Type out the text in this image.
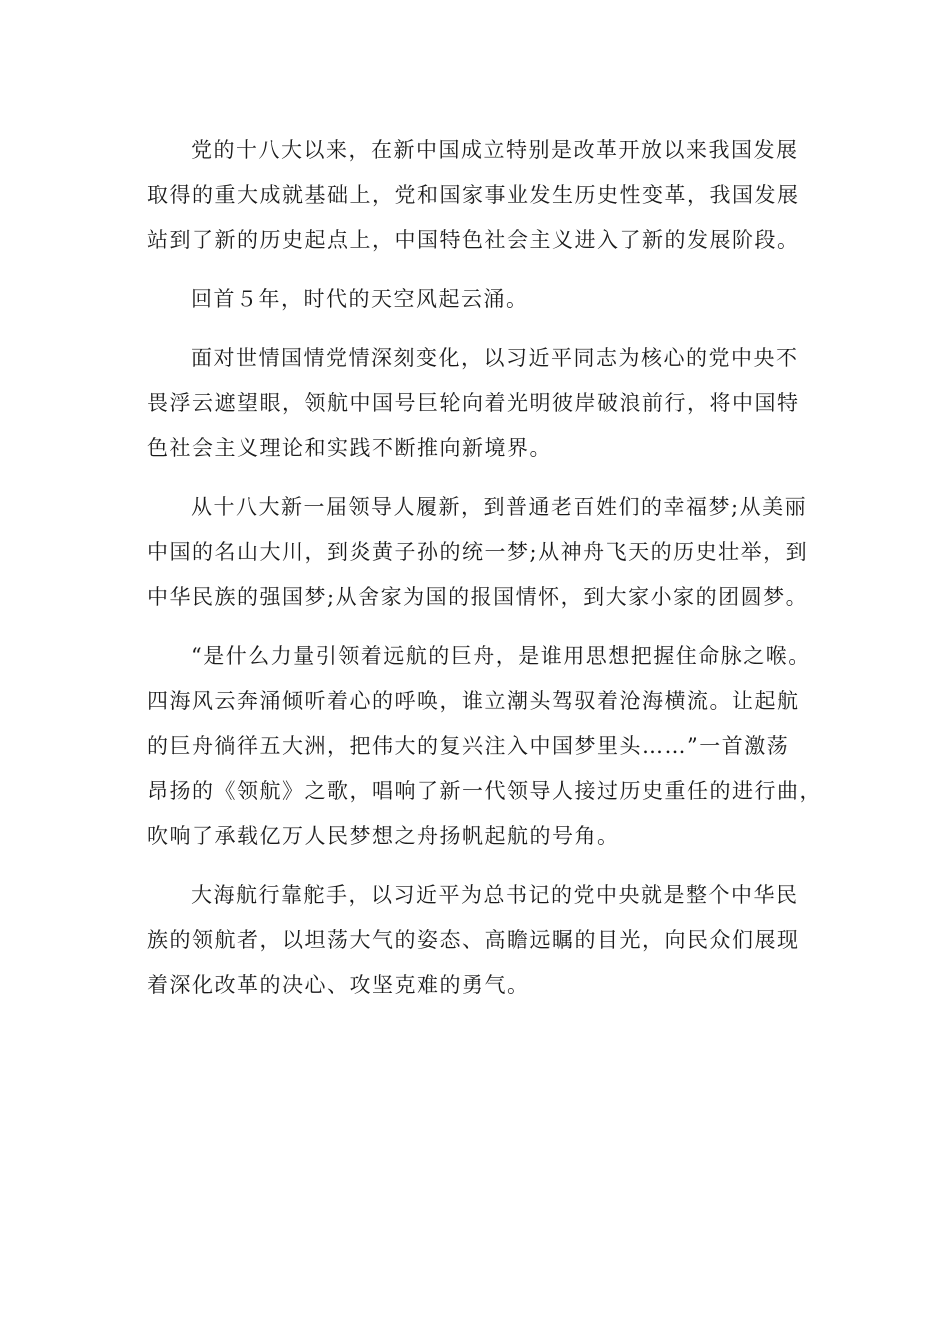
党的十八大以来，在新中国成立特别是改革开放以来我国发展
取得的重大成就基础上，党和国家事业发生历史性变革，我国发展
站到了新的历史起点上，中国特色社会主义进入了新的发展阶段。

回首５年，时代的天空风起云涌。

面对世情国情党情深刻变化，以习近平同志为核心的党中央不
畏浮云遮望眼，领航中国号巨轮向着光明彼岸破浪前行，将中国特
色社会主义理论和实践不断推向新境界。

从十八大新一届领导人履新，到普通老百姓们的幸福梦;从美丽
中国的名山大川，到炎黄子孙的统一梦;从神舟飞天的历史壮举，到
中华民族的强国梦;从舍家为国的报国情怀，到大家小家的团圆梦。

“是什么力量引领着远航的巨舟，是谁用思想把握住命脉之喉。
四海风云奔涌倾听着心的呼唤，谁立潮头驾驭着沧海横流。让起航
的巨舟徜徉五大洲，把伟大的复兴注入中国梦里头……”一首激荡
昂扬的《领航》之歌，唱响了新一代领导人接过历史重任的进行曲，
吹响了承载亿万人民梦想之舟扬帆起航的号角。

大海航行靠舵手，以习近平为总书记的党中央就是整个中华民
族的领航者，以坦荡大气的姿态、高瞻远瞩的目光，向民众们展现
着深化改革的决心、攻坚克难的勇气。
